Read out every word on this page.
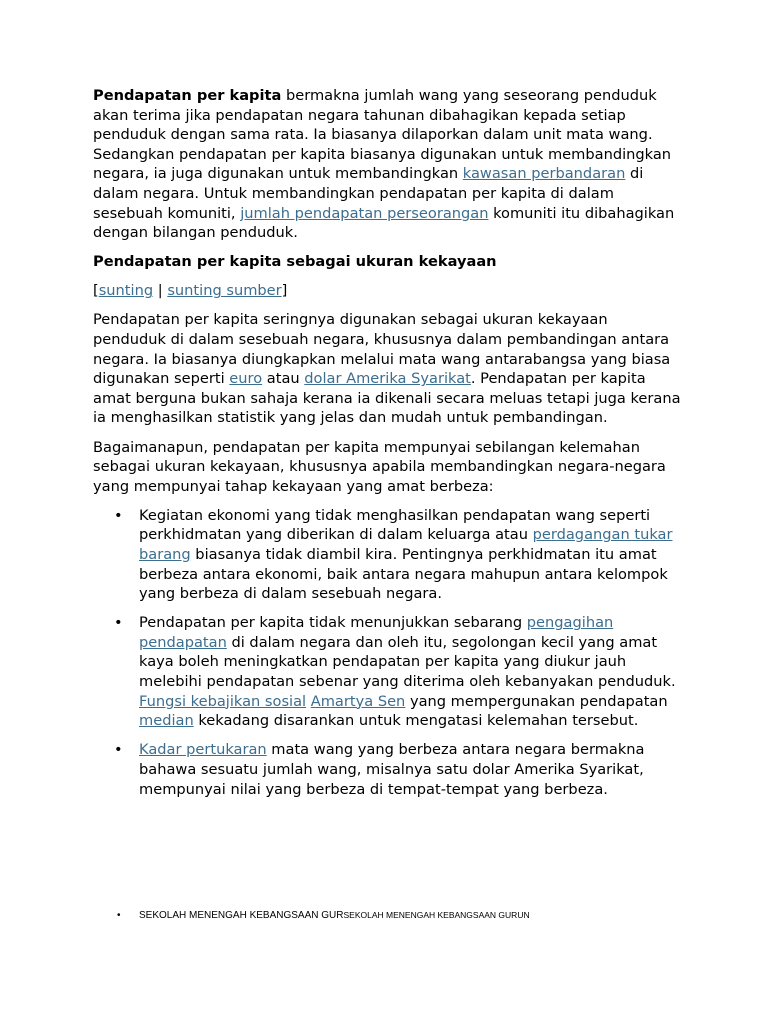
Pendapatan per kapita bermakna jumlah wang yang seseorang penduduk akan terima jika pendapatan negara tahunan dibahagikan kepada setiap penduduk dengan sama rata. Ia biasanya dilaporkan dalam unit mata wang. Sedangkan pendapatan per kapita biasanya digunakan untuk membandingkan negara, ia juga digunakan untuk membandingkan kawasan perbandaran di dalam negara. Untuk membandingkan pendapatan per kapita di dalam sesebuah komuniti, jumlah pendapatan perseorangan komuniti itu dibahagikan dengan bilangan penduduk.

Pendapatan per kapita sebagai ukuran kekayaan

[sunting | sunting sumber]

Pendapatan per kapita seringnya digunakan sebagai ukuran kekayaan penduduk di dalam sesebuah negara, khususnya dalam pembandingan antara negara. Ia biasanya diungkapkan melalui mata wang antarabangsa yang biasa digunakan seperti euro atau dolar Amerika Syarikat. Pendapatan per kapita amat berguna bukan sahaja kerana ia dikenali secara meluas tetapi juga kerana ia menghasilkan statistik yang jelas dan mudah untuk pembandingan.

Bagaimanapun, pendapatan per kapita mempunyai sebilangan kelemahan sebagai ukuran kekayaan, khususnya apabila membandingkan negara-negara yang mempunyai tahap kekayaan yang amat berbeza:

• Kegiatan ekonomi yang tidak menghasilkan pendapatan wang seperti perkhidmatan yang diberikan di dalam keluarga atau perdagangan tukar barang biasanya tidak diambil kira. Pentingnya perkhidmatan itu amat berbeza antara ekonomi, baik antara negara mahupun antara kelompok yang berbeza di dalam sesebuah negara.
• Pendapatan per kapita tidak menunjukkan sebarang pengagihan pendapatan di dalam negara dan oleh itu, segolongan kecil yang amat kaya boleh meningkatkan pendapatan per kapita yang diukur jauh melebihi pendapatan sebenar yang diterima oleh kebanyakan penduduk. Fungsi kebajikan sosial Amartya Sen yang mempergunakan pendapatan median kekadang disarankan untuk mengatasi kelemahan tersebut.
• Kadar pertukaran mata wang yang berbeza antara negara bermakna bahawa sesuatu jumlah wang, misalnya satu dolar Amerika Syarikat, mempunyai nilai yang berbeza di tempat-tempat yang berbeza.
• SEKOLAH MENENGAH KEBANGSAAN GURSEKOLAH MENENGAH KEBANGSAAN GURUN
